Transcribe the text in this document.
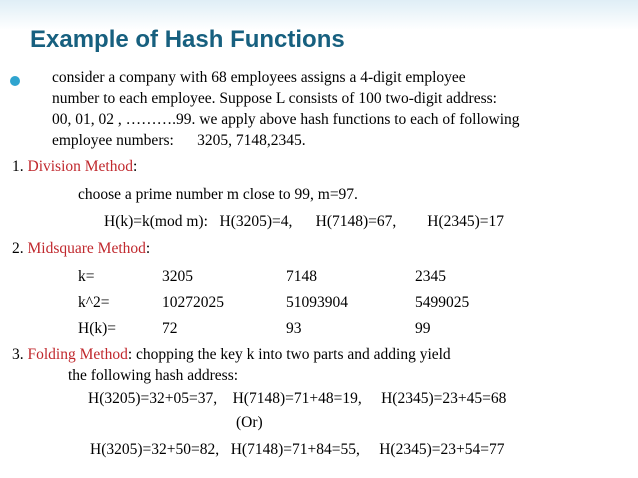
Example of Hash Functions
consider a company with 68 employees assigns a 4-digit employee
number to each employee. Suppose L consists of 100 two-digit address:
00, 01, 02 , ……….99. we apply above hash functions to each of following
employee numbers:      3205, 7148,2345.
1. Division Method:
choose a prime number m close to 99, m=97.
H(k)=k(mod m):   H(3205)=4,      H(7148)=67,        H(2345)=17
2. Midsquare Method:
k=	3205	7148	2345
k^2=	10272025	51093904	5499025
H(k)=	72	93	99
3. Folding Method: chopping the key k into two parts and adding yield
the following hash address:
H(3205)=32+05=37,    H(7148)=71+48=19,     H(2345)=23+45=68
(Or)
H(3205)=32+50=82,   H(7148)=71+84=55,     H(2345)=23+54=77
